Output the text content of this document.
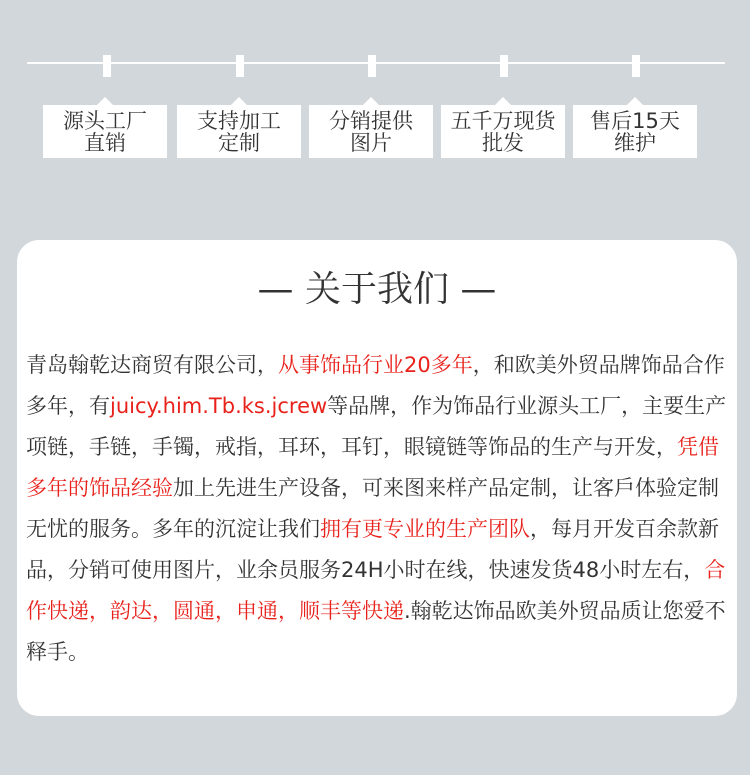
源头工厂
直销
支持加工
定制
分销提供
图片
五千万现货
批发
售后15天
维护
— 关于我们 —
青岛翰乾达商贸有限公司，从事饰品行业20多年，和欧美外贸品牌饰品合作多年，有juicy.him.Tb.ks.jcrew等品牌，作为饰品行业源头工厂，主要生产项链，手链，手镯，戒指，耳环，耳钉，眼镜链等饰品的生产与开发，凭借多年的饰品经验加上先进生产设备，可来图来样产品定制，让客戶体验定制无忧的服务。多年的沉淀让我们拥有更专业的生产团队，每月开发百余款新品，分销可使用图片，业余员服务24H小时在线，快速发货48小时左右，合作快递，韵达，圆通，申通，顺丰等快递.翰乾达饰品欧美外贸品质让您爱不释手。
